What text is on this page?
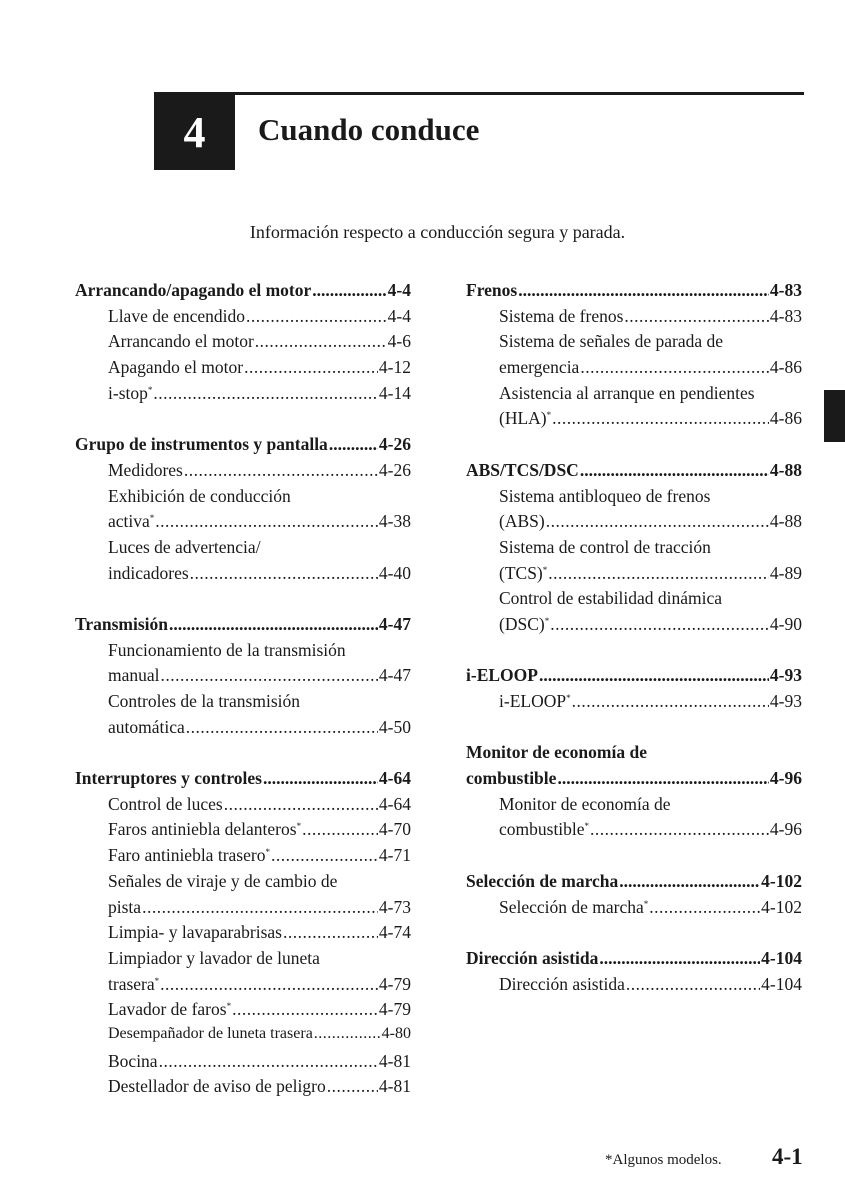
4 Cuando conduce
Información respecto a conducción segura y parada.
Arrancando/apagando el motor .....	4-4
Llave de encendido .....	4-4
Arrancando el motor .....	4-6
Apagando el motor .....	4-12
i-stop* .....	4-14
Grupo de instrumentos y pantalla .....	4-26
Medidores .....	4-26
Exhibición de conducción
activa* .....	4-38
Luces de advertencia/
indicadores .....	4-40
Transmisión .....	4-47
Funcionamiento de la transmisión
manual .....	4-47
Controles de la transmisión
automática .....	4-50
Interruptores y controles .....	4-64
Control de luces .....	4-64
Faros antiniebla delanteros* .....	4-70
Faro antiniebla trasero* .....	4-71
Señales de viraje y de cambio de
pista .....	4-73
Limpia- y lavaparabrisas .....	4-74
Limpiador y lavador de luneta
trasera* .....	4-79
Lavador de faros* .....	4-79
Desempañador de luneta trasera .....	4-80
Bocina .....	4-81
Destellador de aviso de peligro .....	4-81
Frenos .....	4-83
Sistema de frenos .....	4-83
Sistema de señales de parada de
emergencia .....	4-86
Asistencia al arranque en pendientes
(HLA)* .....	4-86
ABS/TCS/DSC .....	4-88
Sistema antibloqueo de frenos
(ABS) .....	4-88
Sistema de control de tracción
(TCS)* .....	4-89
Control de estabilidad dinámica
(DSC)* .....	4-90
i-ELOOP .....	4-93
i-ELOOP* .....	4-93
Monitor de economía de
combustible .....	4-96
Monitor de economía de
combustible* .....	4-96
Selección de marcha .....	4-102
Selección de marcha* .....	4-102
Dirección asistida .....	4-104
Dirección asistida .....	4-104
*Algunos modelos. 4-1
